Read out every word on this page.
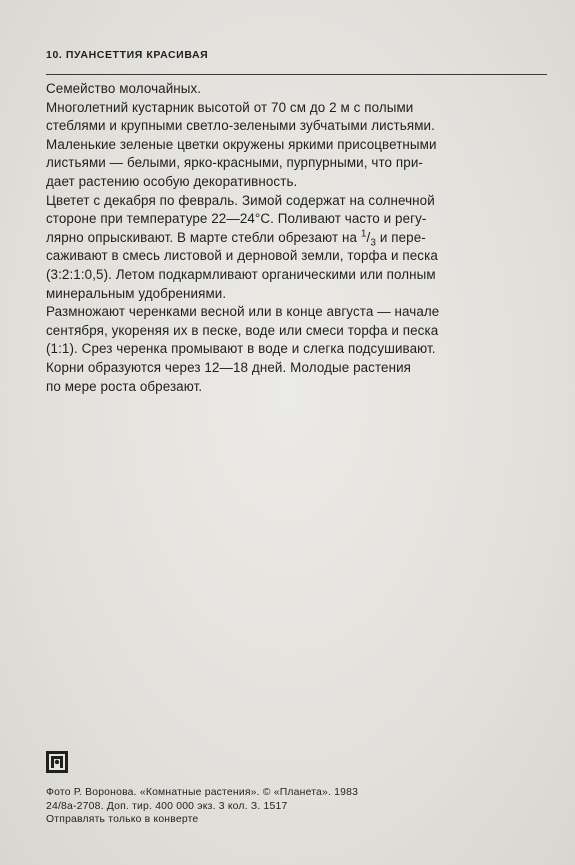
10. ПУАНСЕТТИЯ КРАСИВАЯ
Семейство молочайных.
Многолетний кустарник высотой от 70 см до 2 м с полыми
стеблями и крупными светло-зелеными зубчатыми листьями.
Маленькие зеленые цветки окружены яркими присоцветными
листьями — белыми, ярко-красными, пурпурными, что при-
дает растению особую декоративность.
Цветет с декабря по февраль. Зимой содержат на солнечной
стороне при температуре 22—24°С. Поливают часто и регу-
лярно опрыскивают. В марте стебли обрезают на $^1/_3$ и пере-
саживают в смесь листовой и дерновой земли, торфа и песка
(3:2:1:0,5). Летом подкармливают органическими или полным
минеральным удобрениями.
Размножают черенками весной или в конце августа — начале
сентября, укореняя их в песке, воде или смеси торфа и песка
(1:1). Срез черенка промывают в воде и слегка подсушивают.
Корни образуются через 12—18 дней. Молодые растения
по мере роста обрезают.
Фото Р. Воронова. «Комнатные растения». © «Планета». 1983
24/8а-2708. Доп. тир. 400 000 экз. 3 кол. З. 1517
Отправлять только в конверте
